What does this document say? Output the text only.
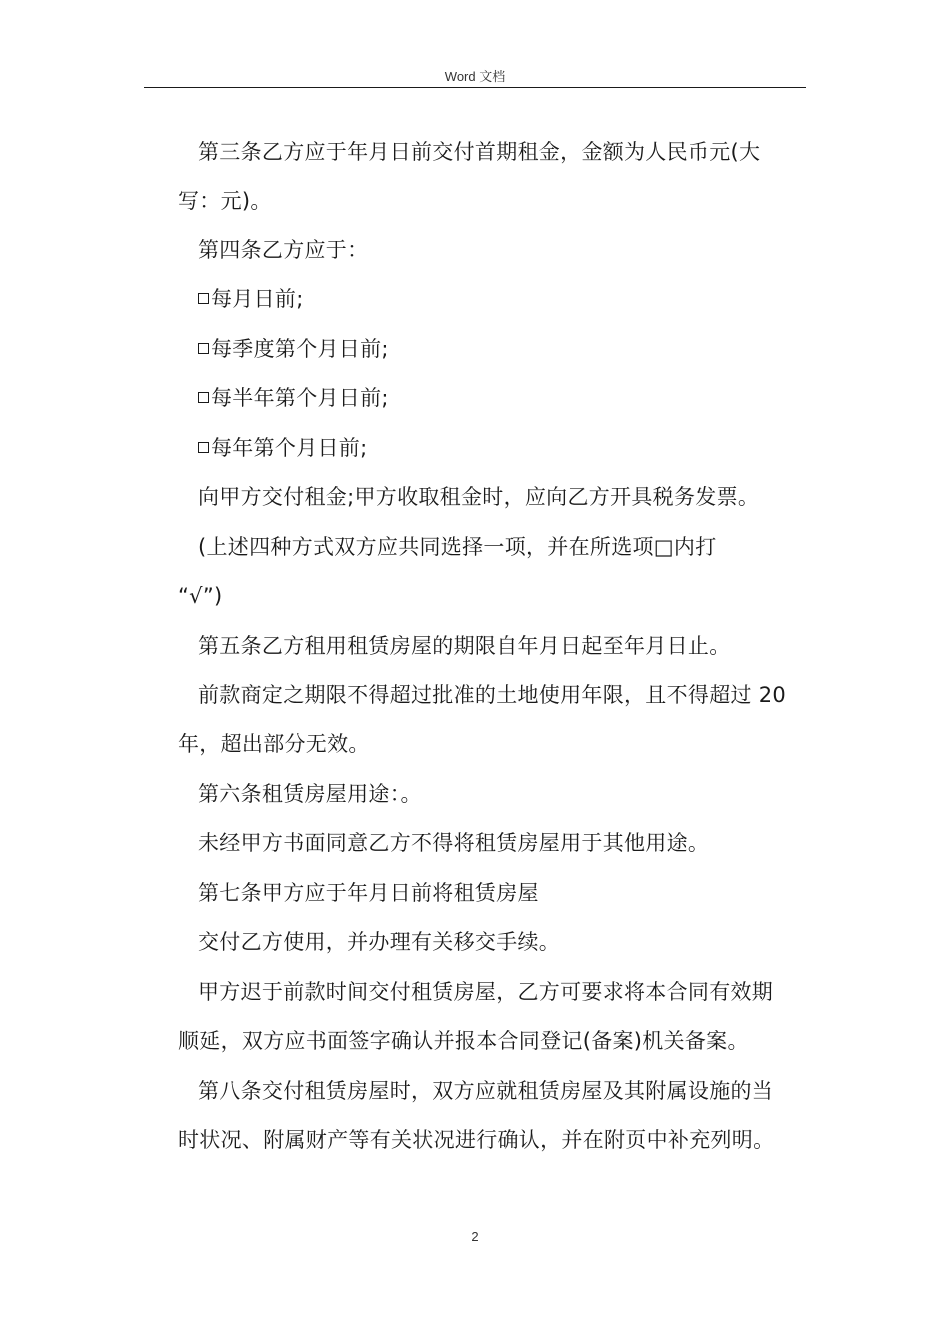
Word 文档
第三条乙方应于年月日前交付首期租金，金额为人民币元(大
写：元)。
第四条乙方应于：
每月日前;
每季度第个月日前;
每半年第个月日前;
每年第个月日前;
向甲方交付租金;甲方收取租金时，应向乙方开具税务发票。
(上述四种方式双方应共同选择一项，并在所选项□内打
“√”)
第五条乙方租用租赁房屋的期限自年月日起至年月日止。
前款商定之期限不得超过批准的土地使用年限，且不得超过 20
年，超出部分无效。
第六条租赁房屋用途：。
未经甲方书面同意乙方不得将租赁房屋用于其他用途。
第七条甲方应于年月日前将租赁房屋
交付乙方使用，并办理有关移交手续。
甲方迟于前款时间交付租赁房屋，乙方可要求将本合同有效期
顺延，双方应书面签字确认并报本合同登记(备案)机关备案。
第八条交付租赁房屋时，双方应就租赁房屋及其附属设施的当
时状况、附属财产等有关状况进行确认，并在附页中补充列明。
2
